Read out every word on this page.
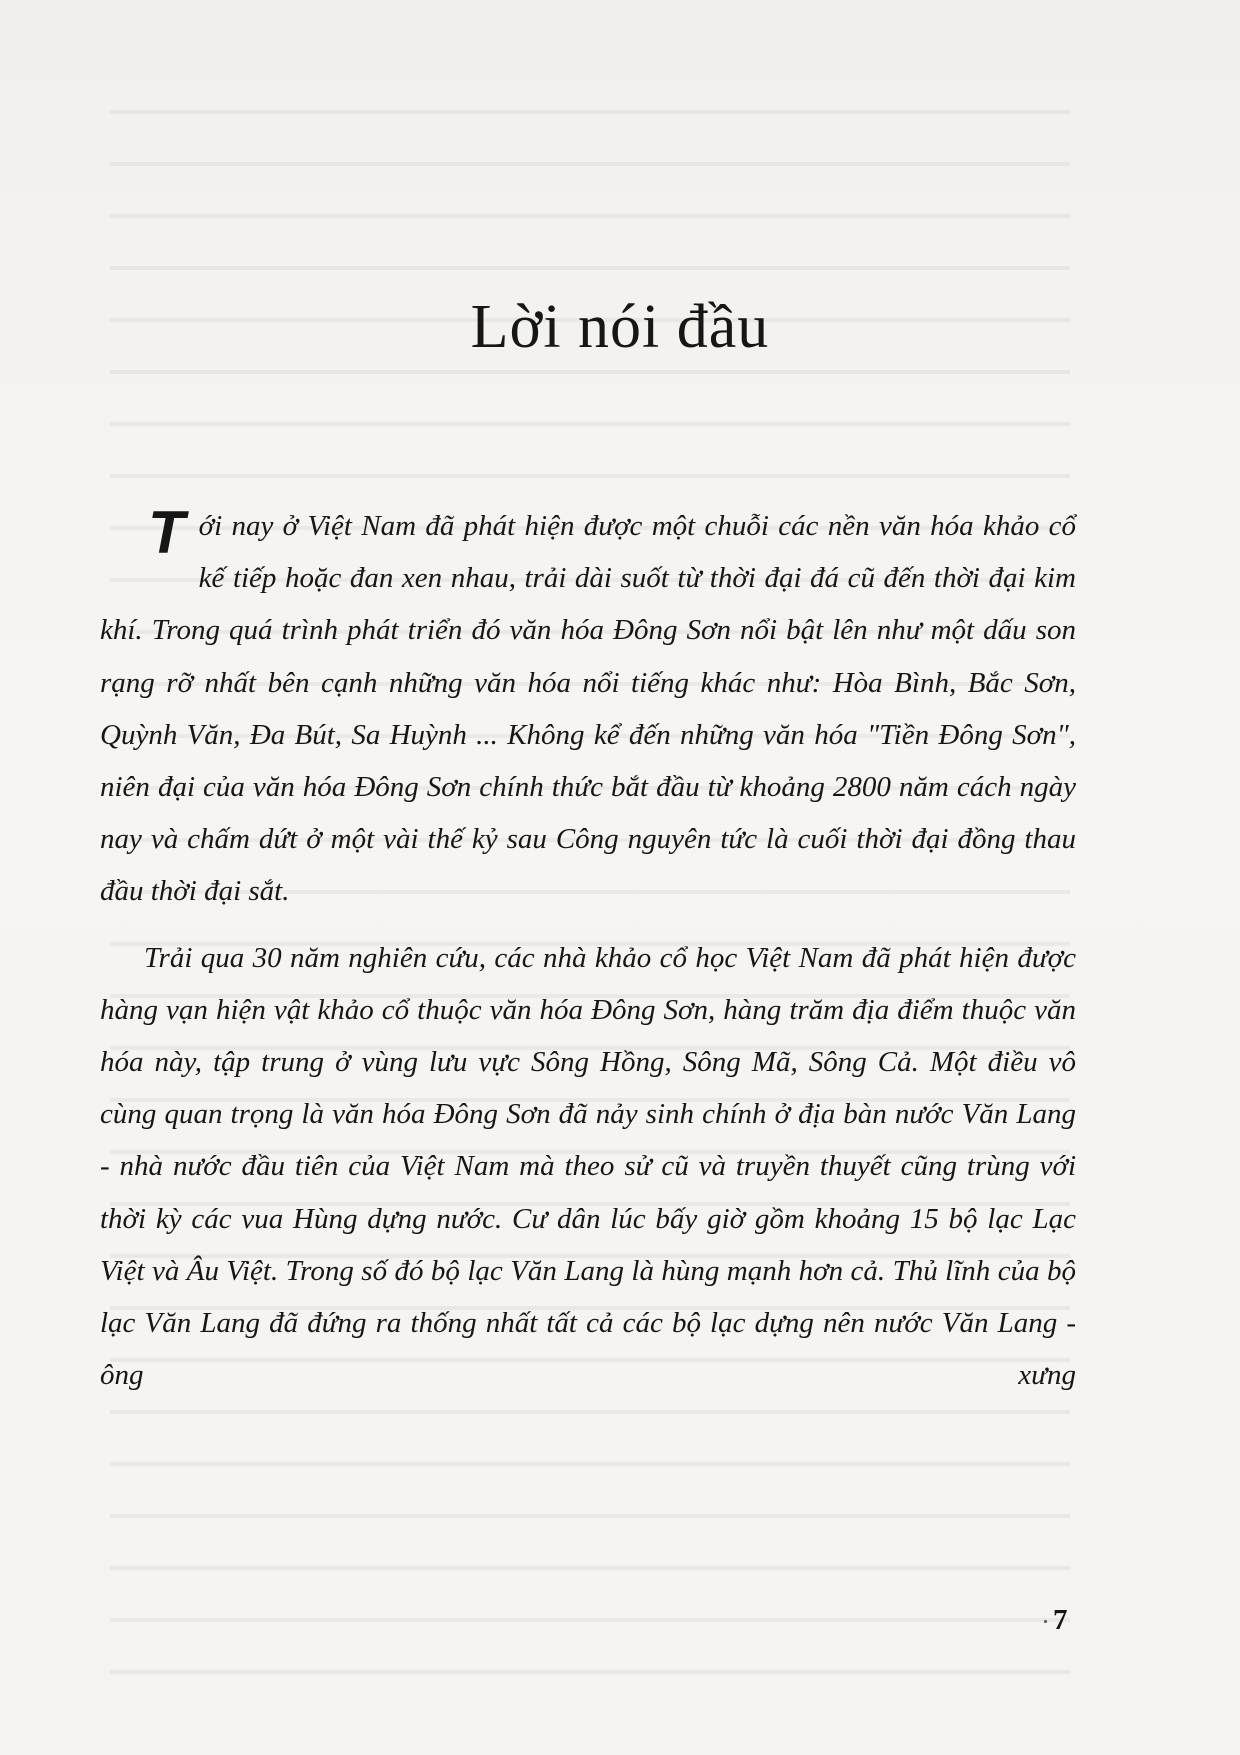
Lời nói đầu

Tới nay ở Việt Nam đã phát hiện được một chuỗi các nền văn hóa khảo cổ kế tiếp hoặc đan xen nhau, trải dài suốt từ thời đại đá cũ đến thời đại kim khí. Trong quá trình phát triển đó văn hóa Đông Sơn nổi bật lên như một dấu son rạng rỡ nhất bên cạnh những văn hóa nổi tiếng khác như: Hòa Bình, Bắc Sơn, Quỳnh Văn, Đa Bút, Sa Huỳnh ... Không kể đến những văn hóa "Tiền Đông Sơn", niên đại của văn hóa Đông Sơn chính thức bắt đầu từ khoảng 2800 năm cách ngày nay và chấm dứt ở một vài thế kỷ sau Công nguyên tức là cuối thời đại đồng thau đầu thời đại sắt.

Trải qua 30 năm nghiên cứu, các nhà khảo cổ học Việt Nam đã phát hiện được hàng vạn hiện vật khảo cổ thuộc văn hóa Đông Sơn, hàng trăm địa điểm thuộc văn hóa này, tập trung ở vùng lưu vực Sông Hồng, Sông Mã, Sông Cả. Một điều vô cùng quan trọng là văn hóa Đông Sơn đã nảy sinh chính ở địa bàn nước Văn Lang - nhà nước đầu tiên của Việt Nam mà theo sử cũ và truyền thuyết cũng trùng với thời kỳ các vua Hùng dựng nước. Cư dân lúc bấy giờ gồm khoảng 15 bộ lạc Lạc Việt và Âu Việt. Trong số đó bộ lạc Văn Lang là hùng mạnh hơn cả. Thủ lĩnh của bộ lạc Văn Lang đã đứng ra thống nhất tất cả các bộ lạc dựng nên nước Văn Lang - ông xưng

7
